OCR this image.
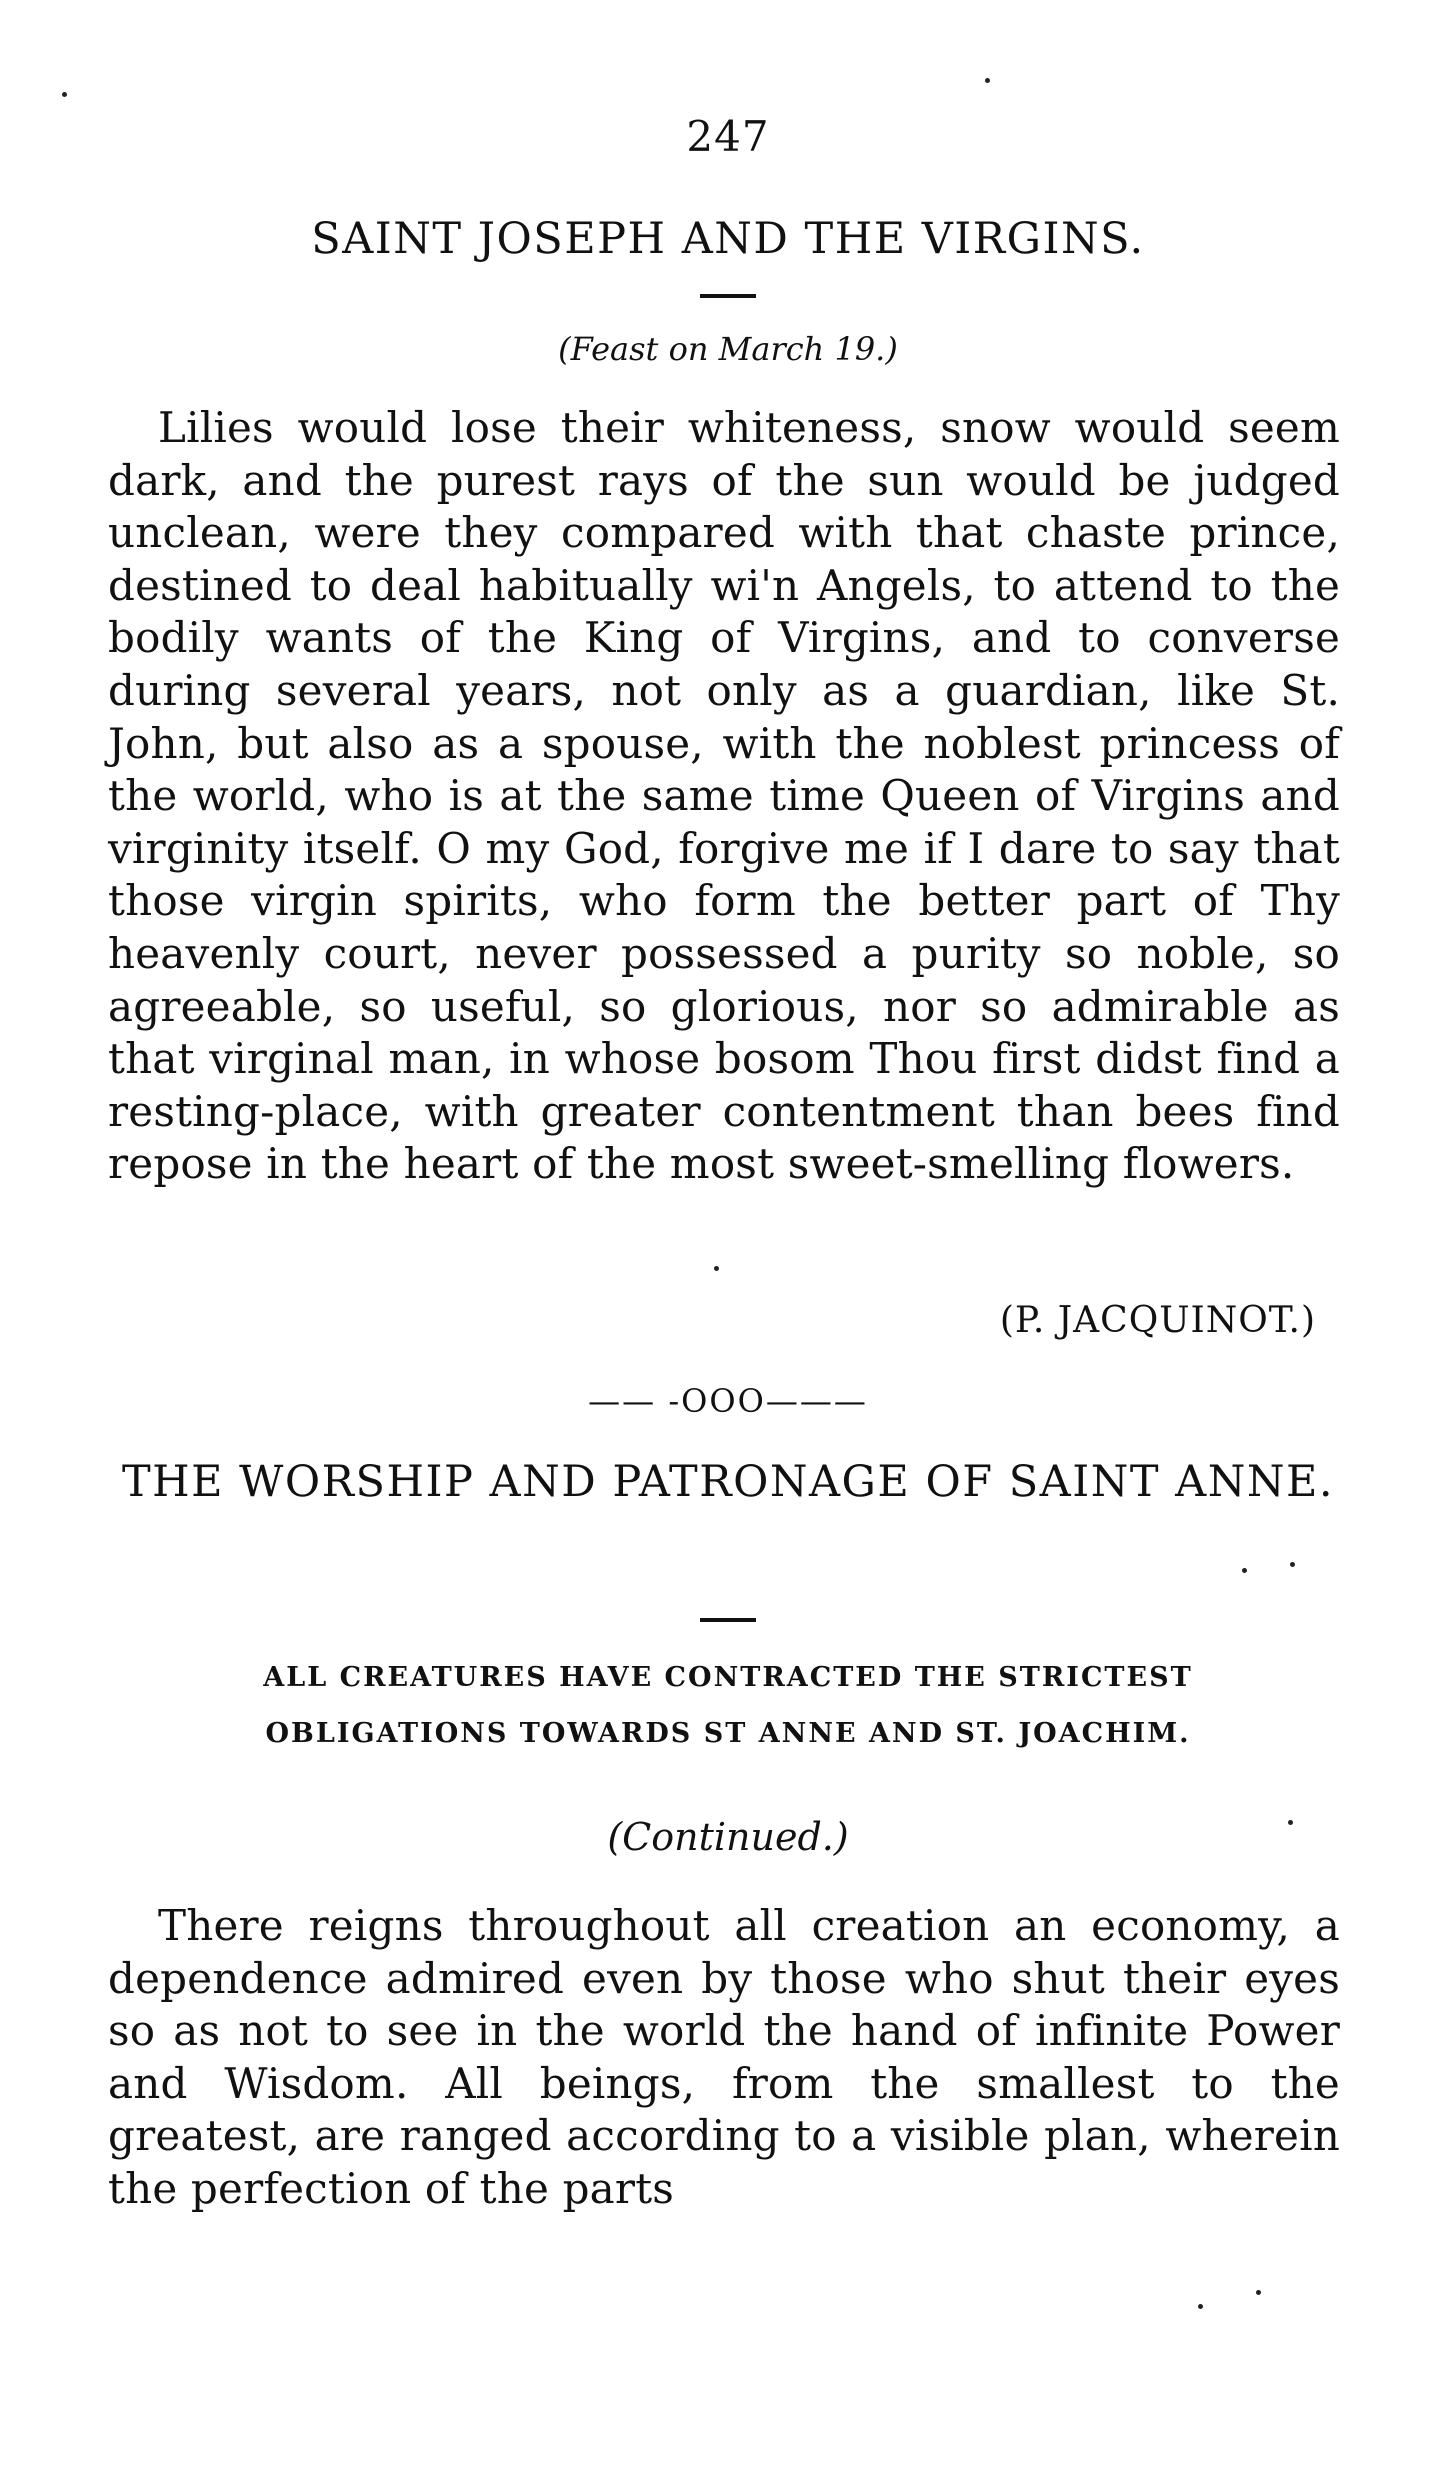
247
SAINT JOSEPH AND THE VIRGINS.
(Feast on March 19.)

Lilies would lose their whiteness, snow would seem dark, and the purest rays of the sun would be judged unclean, were they compared with that chaste prince, destined to deal habitually wi'n Angels, to attend to the bodily wants of the King of Virgins, and to converse during several years, not only as a guardian, like St. John, but also as a spouse, with the noblest princess of the world, who is at the same time Queen of Virgins and virginity itself. O my God, forgive me if I dare to say that those virgin spirits, who form the better part of Thy heavenly court, never possessed a purity so noble, so agreeable, so useful, so glorious, nor so admirable as that virginal man, in whose bosom Thou first didst find a resting-place, with greater contentment than bees find repose in the heart of the most sweet-smelling flowers.

(P. JACQUINOT.)
—— -OOO———
THE WORSHIP AND PATRONAGE OF SAINT ANNE.
ALL CREATURES HAVE CONTRACTED THE STRICTEST OBLIGATIONS TOWARDS ST ANNE AND ST. JOACHIM.
(Continued.)

There reigns throughout all creation an economy, a dependence admired even by those who shut their eyes so as not to see in the world the hand of infinite Power and Wisdom. All beings, from the smallest to the greatest, are ranged according to a visible plan, wherein the perfection of the parts
